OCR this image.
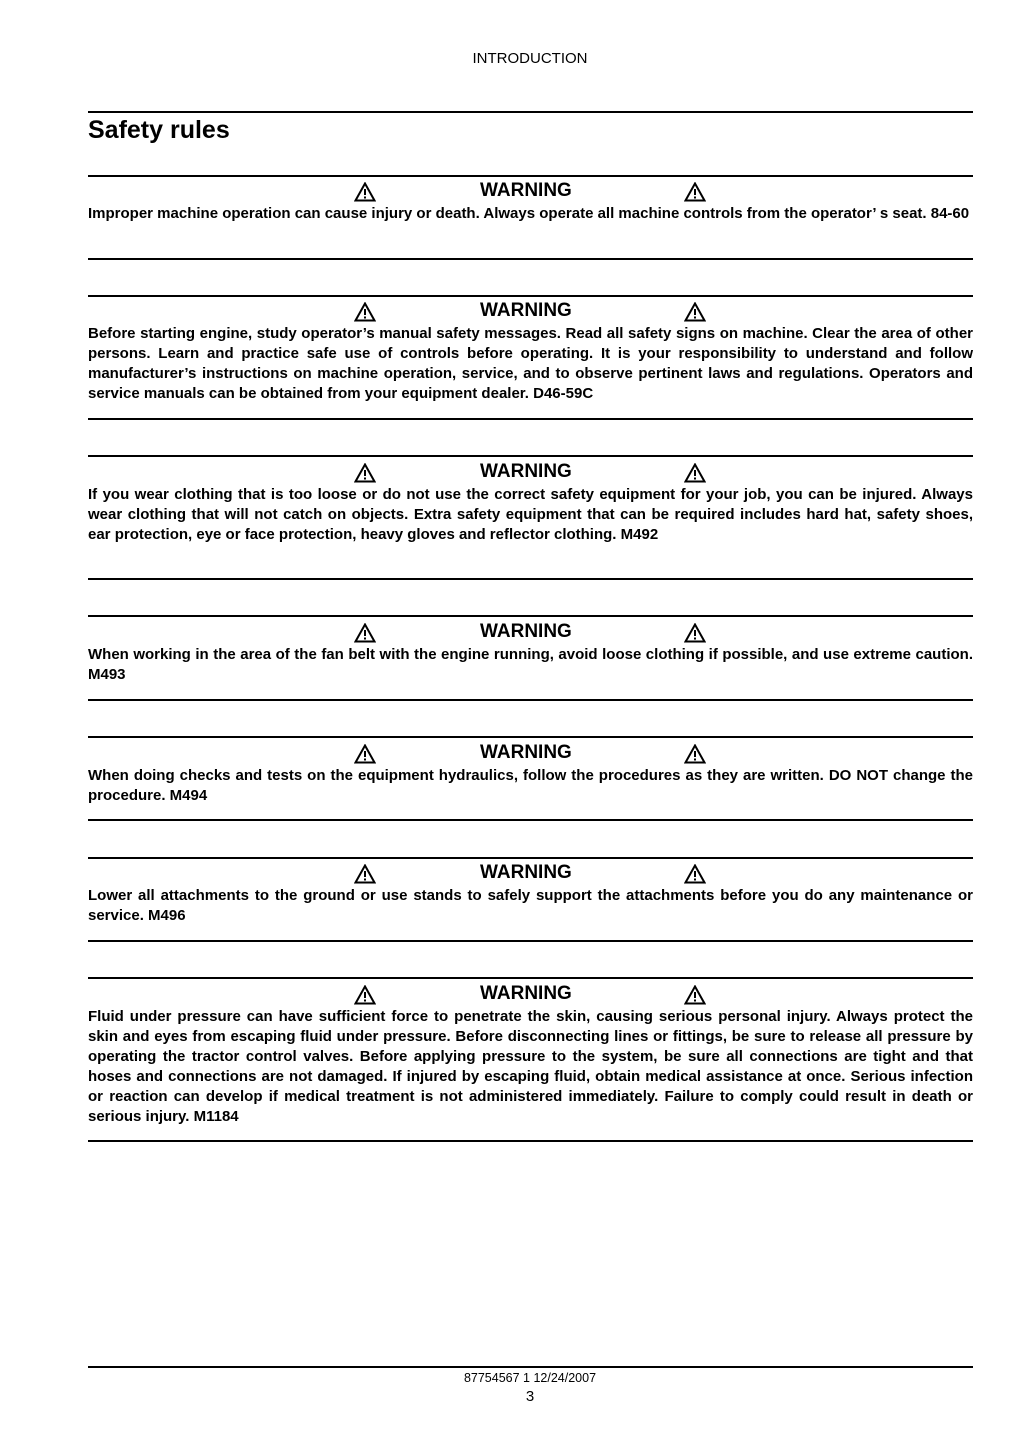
INTRODUCTION
Safety rules
WARNING
Improper machine operation can cause injury or death. Always operate all machine controls from the operator’ s seat. 84-60
WARNING
Before starting engine, study operator’s manual safety messages. Read all safety signs on machine. Clear the area of other persons. Learn and practice safe use of controls before operating. It is your responsibility to understand and follow manufacturer’s instructions on machine operation, service, and to observe pertinent laws and regulations. Operators and service manuals can be obtained from your equipment dealer. D46-59C
WARNING
If you wear clothing that is too loose or do not use the correct safety equipment for your job, you can be injured. Always wear clothing that will not catch on objects. Extra safety equipment that can be required includes hard hat, safety shoes, ear protection, eye or face protection, heavy gloves and reflector clothing. M492
WARNING
When working in the area of the fan belt with the engine running, avoid loose clothing if possible, and use extreme caution. M493
WARNING
When doing checks and tests on the equipment hydraulics, follow the procedures as they are written. DO NOT change the procedure. M494
WARNING
Lower all attachments to the ground or use stands to safely support the attachments before you do any maintenance or service. M496
WARNING
Fluid under pressure can have sufficient force to penetrate the skin, causing serious personal injury. Always protect the skin and eyes from escaping fluid under pressure. Before disconnecting lines or fittings, be sure to release all pressure by operating the tractor control valves. Before applying pressure to the system, be sure all connections are tight and that hoses and connections are not damaged. If injured by escaping fluid, obtain medical assistance at once. Serious infection or reaction can develop if medical treatment is not administered immediately. Failure to comply could result in death or serious injury. M1184
87754567 1 12/24/2007
3
